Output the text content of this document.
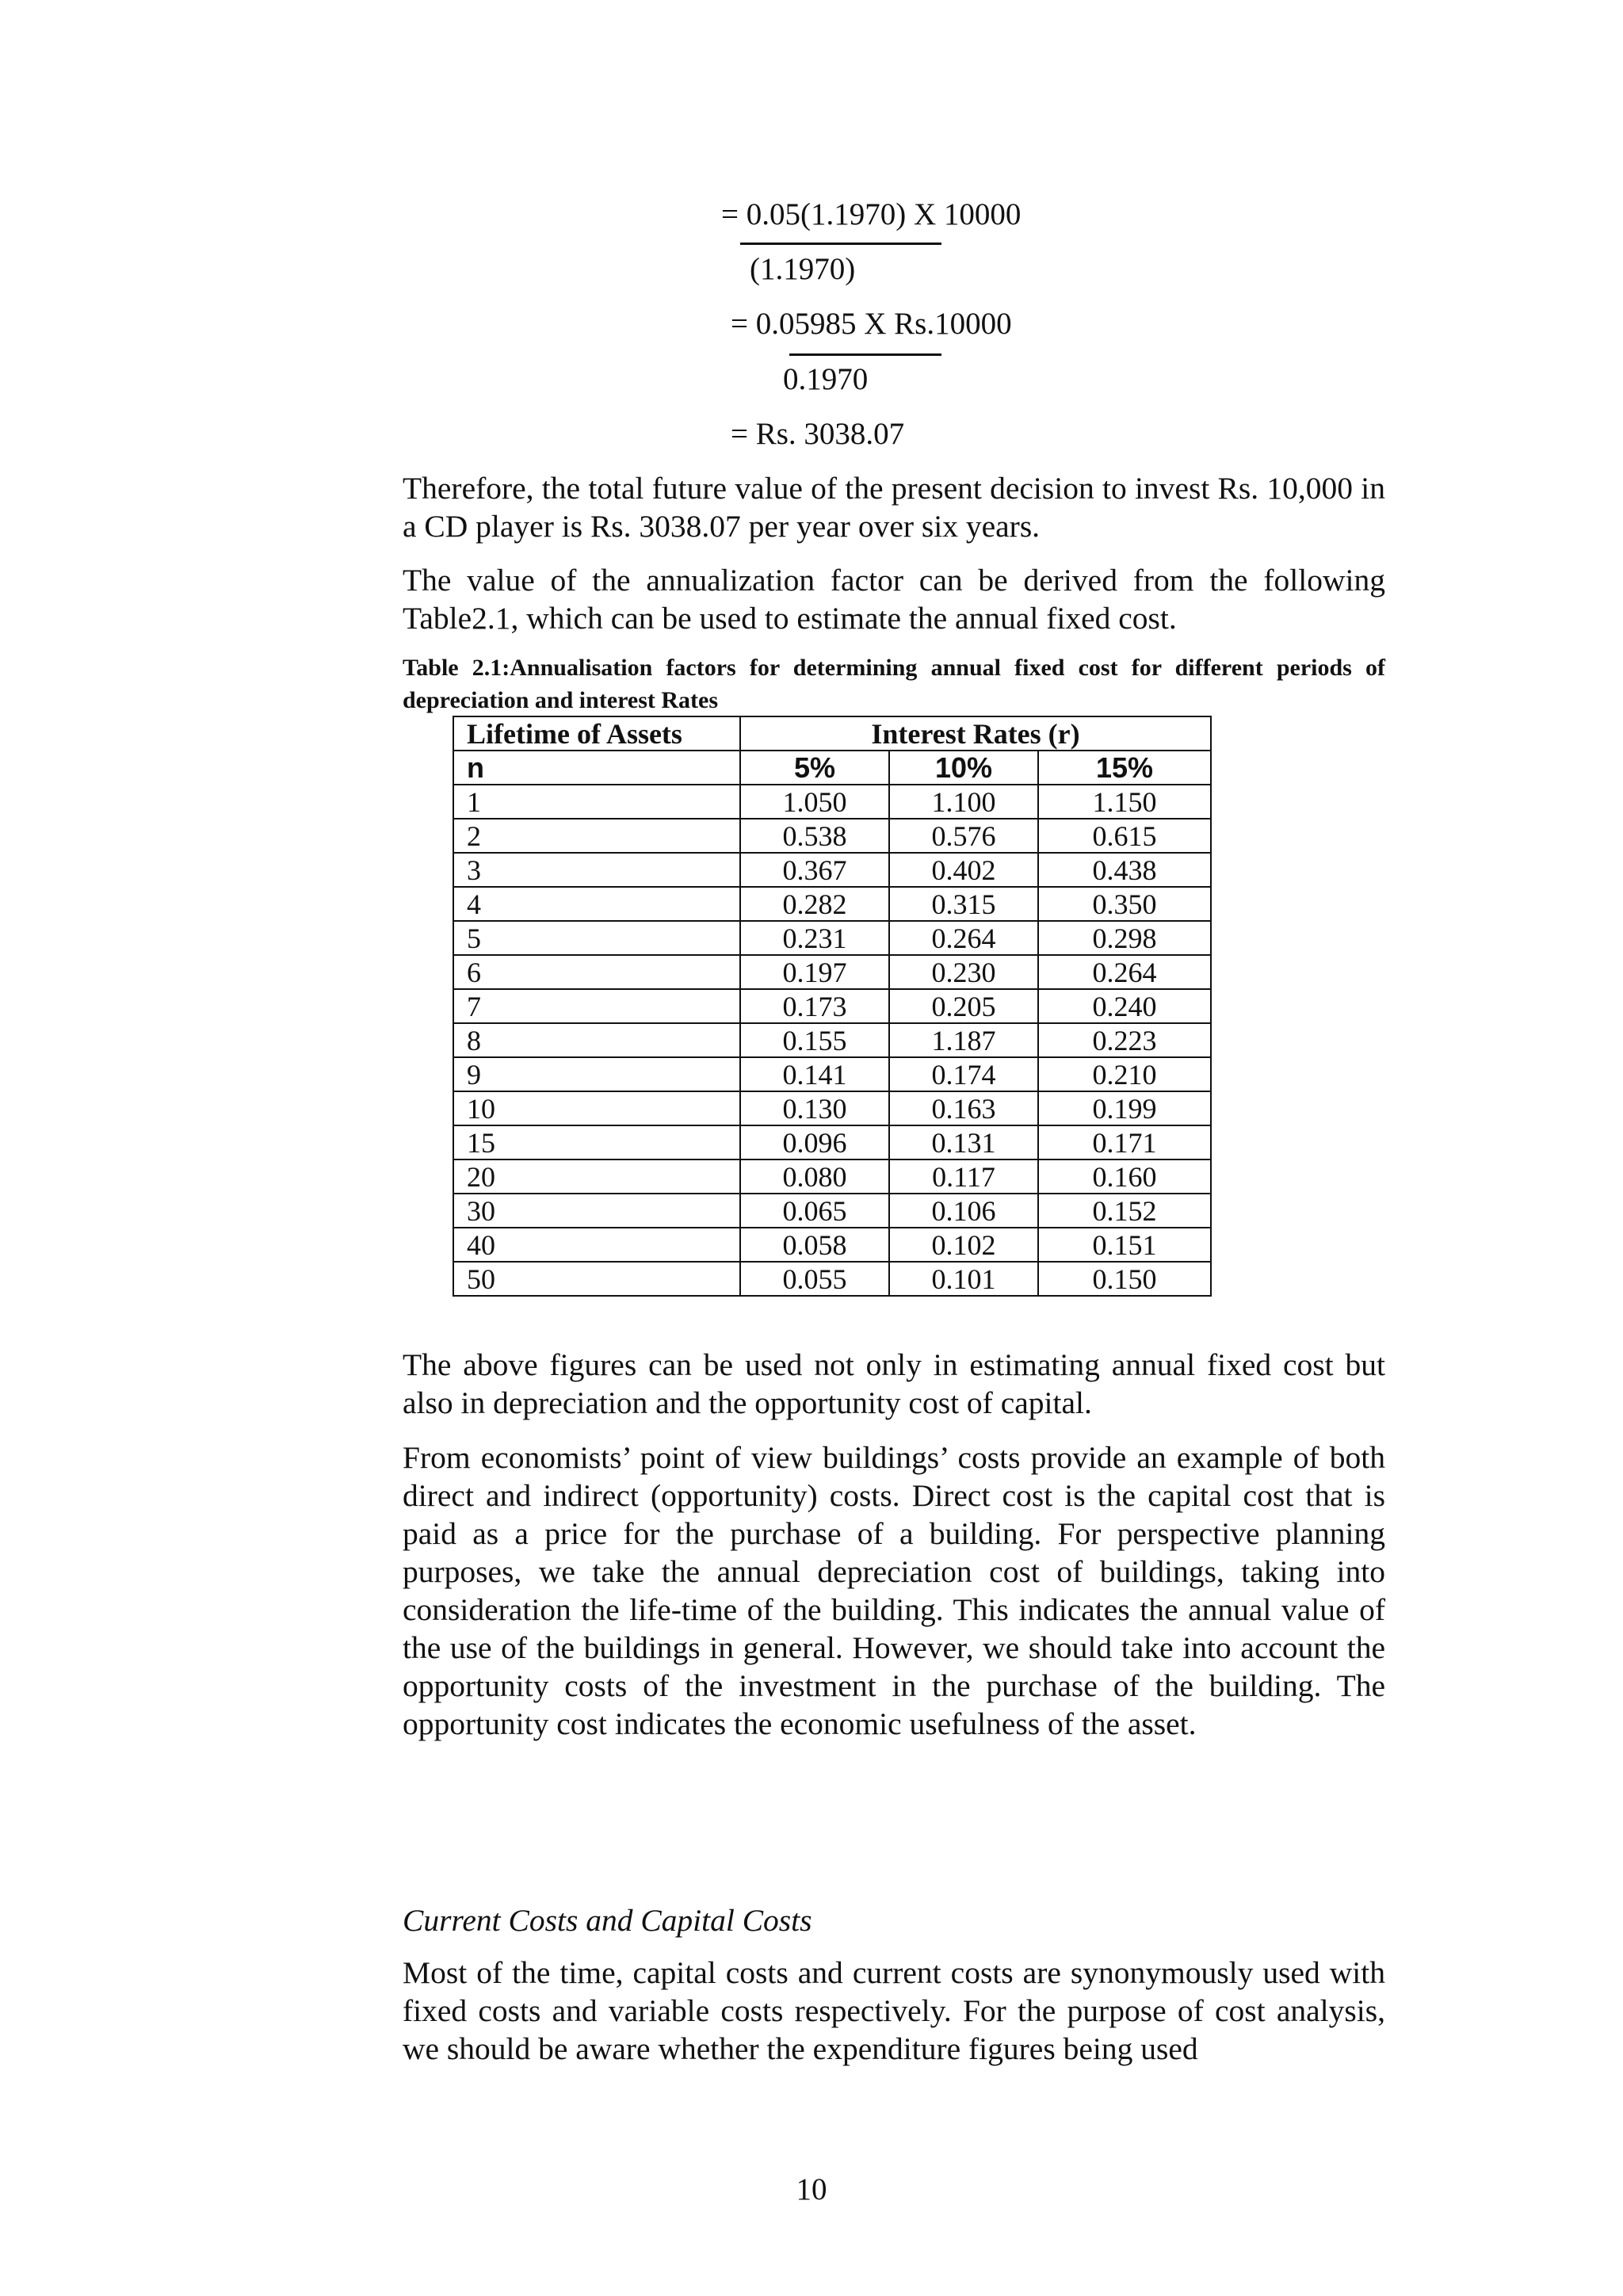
= 0.05(1.1970) X 10000
(1.1970)
= 0.05985 X Rs.10000
0.1970
= Rs. 3038.07

Therefore, the total future value of the present decision to invest Rs. 10,000 in a CD player is Rs. 3038.07 per year over six years.

The value of the annualization factor can be derived from the following Table2.1, which can be used to estimate the annual fixed cost.

Table 2.1:Annualisation factors for determining annual fixed cost for different periods of depreciation and interest Rates

Lifetime of Assets	Interest Rates (r)		
n	5%	10%	15%
1	1.050	1.100	1.150
2	0.538	0.576	0.615
3	0.367	0.402	0.438
4	0.282	0.315	0.350
5	0.231	0.264	0.298
6	0.197	0.230	0.264
7	0.173	0.205	0.240
8	0.155	1.187	0.223
9	0.141	0.174	0.210
10	0.130	0.163	0.199
15	0.096	0.131	0.171
20	0.080	0.117	0.160
30	0.065	0.106	0.152
40	0.058	0.102	0.151
50	0.055	0.101	0.150

The above figures can be used not only in estimating annual fixed cost but also in depreciation and the opportunity cost of capital.

From economists’ point of view buildings’ costs provide an example of both direct and indirect (opportunity) costs. Direct cost is the capital cost that is paid as a price for the purchase of a building. For perspective planning purposes, we take the annual depreciation cost of buildings, taking into consideration the life-time of the building. This indicates the annual value of the use of the buildings in general. However, we should take into account the opportunity costs of the investment in the purchase of the building. The opportunity cost indicates the economic usefulness of the asset.

Current Costs and Capital Costs

Most of the time, capital costs and current costs are synonymously used with fixed costs and variable costs respectively. For the purpose of cost analysis, we should be aware whether the expenditure figures being used

10
